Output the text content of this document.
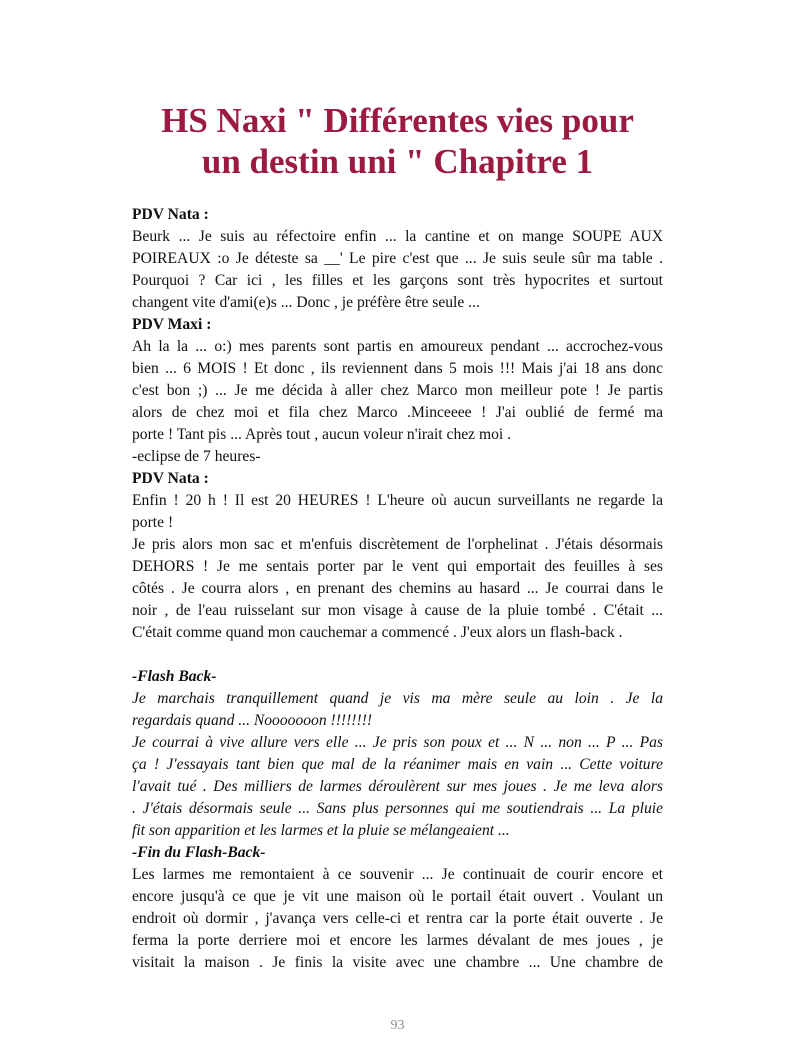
HS Naxi " Différentes vies pour
un destin uni " Chapitre 1
PDV Nata :
Beurk ... Je suis au réfectoire enfin ... la cantine et on mange SOUPE AUX
POIREAUX :o Je déteste sa __' Le pire c'est que ... Je suis seule sûr ma table .
Pourquoi ? Car ici , les filles et les garçons sont très hypocrites et surtout
changent vite d'ami(e)s ... Donc , je préfère être seule ...
PDV Maxi :
Ah la la ... o:) mes parents sont partis en amoureux pendant ... accrochez-vous
bien ... 6 MOIS ! Et donc , ils reviennent dans 5 mois !!! Mais j'ai 18 ans donc
c'est bon ;) ... Je me décida à aller chez Marco mon meilleur pote ! Je partis
alors de chez moi et fila chez Marco .Minceeee ! J'ai oublié de fermé ma
porte ! Tant pis ... Après tout , aucun voleur n'irait chez moi .
-eclipse de 7 heures-
PDV Nata :
Enfin ! 20 h ! Il est 20 HEURES ! L'heure où aucun surveillants ne regarde la
porte !
Je pris alors mon sac et m'enfuis discrètement de l'orphelinat . J'étais désormais
DEHORS ! Je me sentais porter par le vent qui emportait des feuilles à ses
côtés . Je courra alors , en prenant des chemins au hasard ... Je courrai dans le
noir , de l'eau ruisselant sur mon visage à cause de la pluie tombé . C'était ...
C'était comme quand mon cauchemar a commencé . J'eux alors un flash-back .
-Flash Back-
Je marchais tranquillement quand je vis ma mère seule au loin . Je la
regardais quand ... Nooooooon !!!!!!!!
Je courrai à vive allure vers elle ... Je pris son poux et ... N ... non ... P ... Pas
ça ! J'essayais tant bien que mal de la réanimer mais en vain ... Cette voiture
l'avait tué . Des milliers de larmes déroulèrent sur mes joues . Je me leva alors
. J'étais désormais seule ... Sans plus personnes qui me soutiendrais ... La pluie
fit son apparition et les larmes et la pluie se mélangeaient ...
-Fin du Flash-Back-
Les larmes me remontaient à ce souvenir ... Je continuait de courir encore et
encore jusqu'à ce que je vit une maison où le portail était ouvert . Voulant un
endroit où dormir , j'avança vers celle-ci et rentra car la porte était ouverte . Je
ferma la porte derriere moi et encore les larmes dévalant de mes joues , je
visitait la maison . Je finis la visite avec une chambre ... Une chambre de
93
